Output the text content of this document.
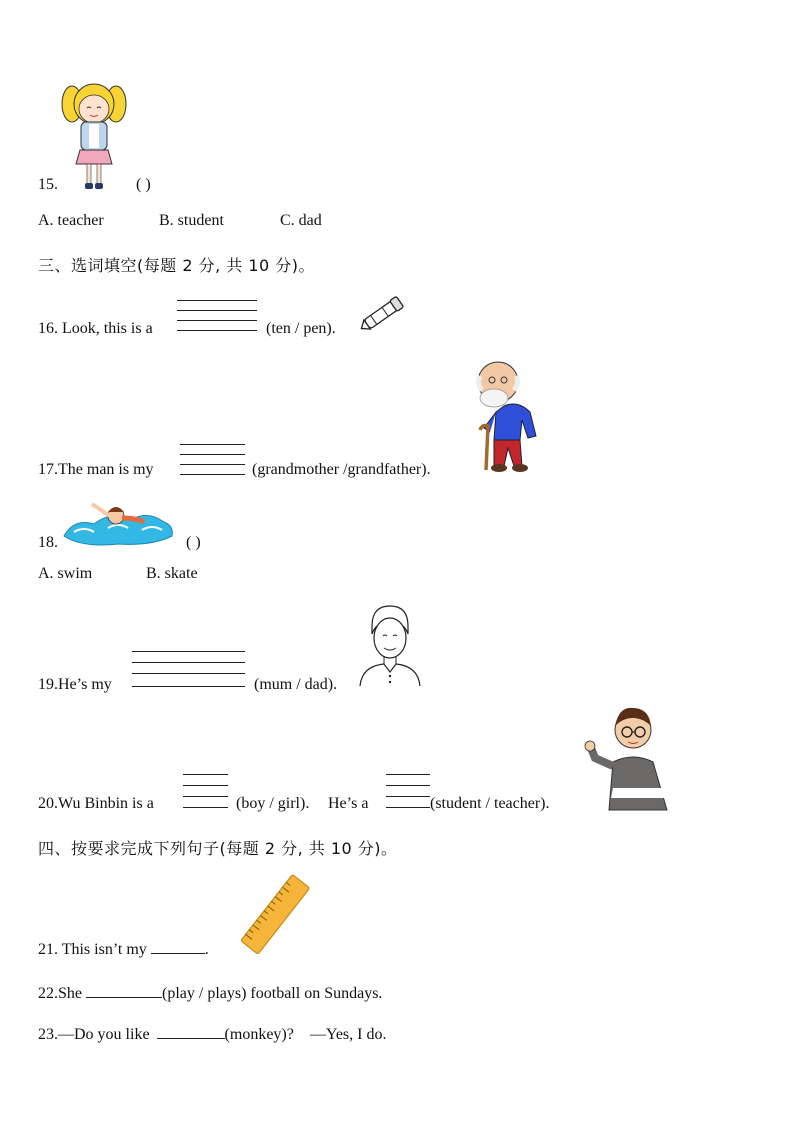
15.	( )
A. teacher	B. student	C. dad
三、选词填空(每题 2 分, 共 10 分)。
16. Look, this is a	(ten / pen).
17.The man is my	(grandmother /grandfather).
18.	( )
A. swim	B. skate
19.He’s my	(mum / dad).
20.Wu Binbin is a	(boy / girl). He’s a	(student / teacher).
四、按要求完成下列句子(每题 2 分, 共 10 分)。
21. This isn’t my	.
22.She	(play / plays) football on Sundays.
23.—Do you like	(monkey)? —Yes, I do.
